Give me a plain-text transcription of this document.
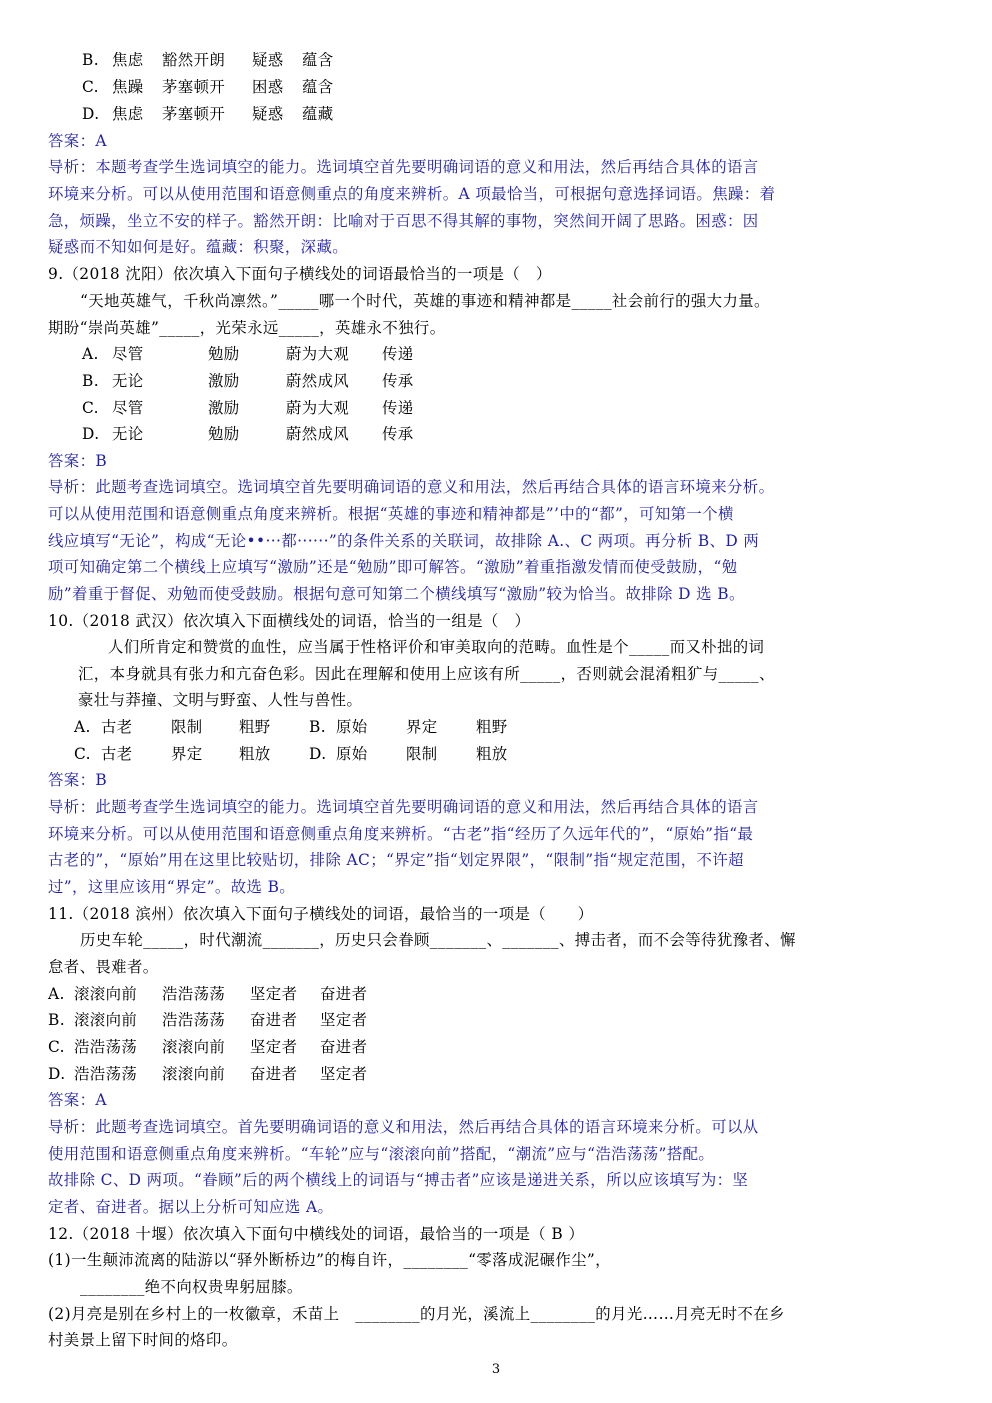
B. 焦虑 豁然开朗 疑惑 蕴含
C. 焦躁 茅塞顿开 困惑 蕴含
D. 焦虑 茅塞顿开 疑惑 蕴藏
答案：A
导析：本题考查学生选词填空的能力。选词填空首先要明确词语的意义和用法，然后再结合具体的语言
环境来分析。可以从使用范围和语意侧重点的角度来辨析。A 项最恰当，可根据句意选择词语。焦躁：着
急，烦躁，坐立不安的样子。豁然开朗：比喻对于百思不得其解的事物，突然间开阔了思路。困惑：因
疑惑而不知如何是好。蕴藏：积聚，深藏。
9.（2018 沈阳）依次填入下面句子横线处的词语最恰当的一项是（　）
“天地英雄气，千秋尚凛然。”_____哪一个时代，英雄的事迹和精神都是_____社会前行的强大力量。
期盼“崇尚英雄”_____，光荣永远_____，英雄永不独行。
A. 尽管	勉励	蔚为大观 传递
B. 无论	激励	蔚然成风 传承
C. 尽管	激励	蔚为大观 传递
D. 无论	勉励	蔚然成风 传承
答案：B
导析：此题考查选词填空。选词填空首先要明确词语的意义和用法，然后再结合具体的语言环境来分析。
可以从使用范围和语意侧重点角度来辨析。根据“英雄的事迹和精神都是”’中的“都”，可知第一个横
线应填写“无论”，构成“无论••···都······”的条件关系的关联词，故排除 A.、C 两项。再分析 B、D 两
项可知确定第二个横线上应填写“激励”还是“勉励”即可解答。“激励”着重指激发情而使受鼓励，“勉
励”着重于督促、劝勉而使受鼓励。根据句意可知第二个横线填写“激励”较为恰当。故排除 D 选 B。
10.（2018 武汉）依次填入下面横线处的词语，恰当的一组是（　）
人们所肯定和赞赏的血性，应当属于性格评价和审美取向的范畴。血性是个_____而又朴拙的词
汇，本身就具有张力和亢奋色彩。因此在理解和使用上应该有所_____，否则就会混淆粗犷与_____、
豪壮与莽撞、文明与野蛮、人性与兽性。
A. 古老 限制 粗野 B. 原始 界定 粗野
C. 古老 界定 粗放 D. 原始 限制 粗放
答案：B
导析：此题考查学生选词填空的能力。选词填空首先要明确词语的意义和用法，然后再结合具体的语言
环境来分析。可以从使用范围和语意侧重点角度来辨析。“古老”指“经历了久远年代的”，“原始”指“最
古老的”，“原始”用在这里比较贴切，排除 AC；“界定”指“划定界限”，“限制”指“规定范围，不许超
过”，这里应该用“界定”。故选 B。
11.（2018 滨州）依次填入下面句子横线处的词语，最恰当的一项是（　　）
历史车轮_____，时代潮流_______，历史只会眷顾_______、_______、搏击者，而不会等待犹豫者、懈
怠者、畏难者。
A. 滚滚向前 浩浩荡荡 坚定者 奋进者
B. 滚滚向前 浩浩荡荡 奋进者 坚定者
C. 浩浩荡荡 滚滚向前 坚定者 奋进者
D. 浩浩荡荡 滚滚向前 奋进者 坚定者
答案：A
导析：此题考查选词填空。首先要明确词语的意义和用法，然后再结合具体的语言环境来分析。可以从
使用范围和语意侧重点角度来辨析。“车轮”应与“滚滚向前”搭配，“潮流”应与“浩浩荡荡”搭配。
故排除 C、D 两项。“眷顾”后的两个横线上的词语与“搏击者”应该是递进关系，所以应该填写为：坚
定者、奋进者。据以上分析可知应选 A。
12.（2018 十堰）依次填入下面句中横线处的词语，最恰当的一项是（ B ）
(1)一生颠沛流离的陆游以“驿外断桥边”的梅自许，________“零落成泥碾作尘”，
________绝不向权贵卑躬屈膝。
(2)月亮是别在乡村上的一枚徽章，禾苗上　________的月光，溪流上________的月光……月亮无时不在乡
村美景上留下时间的烙印。
3
